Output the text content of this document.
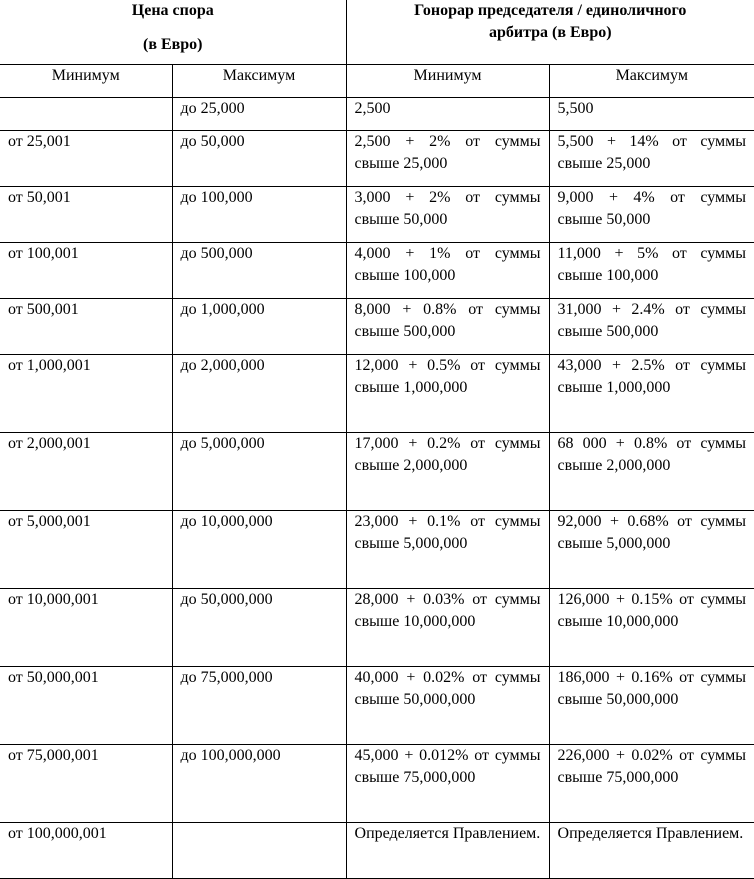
Цена спора
(в Евро)		Гонорар председателя / единоличного
арбитра (в Евро)	

Минимум	Максимум	Минимум	Максимум
	до 25,000	2,500	5,500
от 25,001	до 50,000	2,500 + 2% от суммы свыше 25,000	5,500 + 14% от суммы свыше 25,000
от 50,001	до 100,000	3,000 + 2% от суммы свыше 50,000	9,000 + 4% от суммы свыше 50,000
от 100,001	до 500,000	4,000 + 1% от суммы свыше 100,000	11,000 + 5% от суммы свыше 100,000
от 500,001	до 1,000,000	8,000 + 0.8% от суммы свыше 500,000	31,000 + 2.4% от суммы свыше 500,000
от 1,000,001	до 2,000,000	12,000 + 0.5% от суммы свыше 1,000,000	43,000 + 2.5% от суммы свыше 1,000,000
от 2,000,001	до 5,000,000	17,000 + 0.2% от суммы свыше 2,000,000	68 000 + 0.8% от суммы свыше 2,000,000
от 5,000,001	до 10,000,000	23,000 + 0.1% от суммы свыше 5,000,000	92,000 + 0.68% от суммы свыше 5,000,000
от 10,000,001	до 50,000,000	28,000 + 0.03% от суммы свыше 10,000,000	126,000 + 0.15% от суммы свыше 10,000,000
от 50,000,001	до 75,000,000	40,000 + 0.02% от суммы свыше 50,000,000	186,000 + 0.16% от суммы свыше 50,000,000
от 75,000,001	до 100,000,000	45,000 + 0.012% от суммы свыше 75,000,000	226,000 + 0.02% от суммы свыше 75,000,000
от 100,000,001		Определяется Правлением.	Определяется Правлением.
